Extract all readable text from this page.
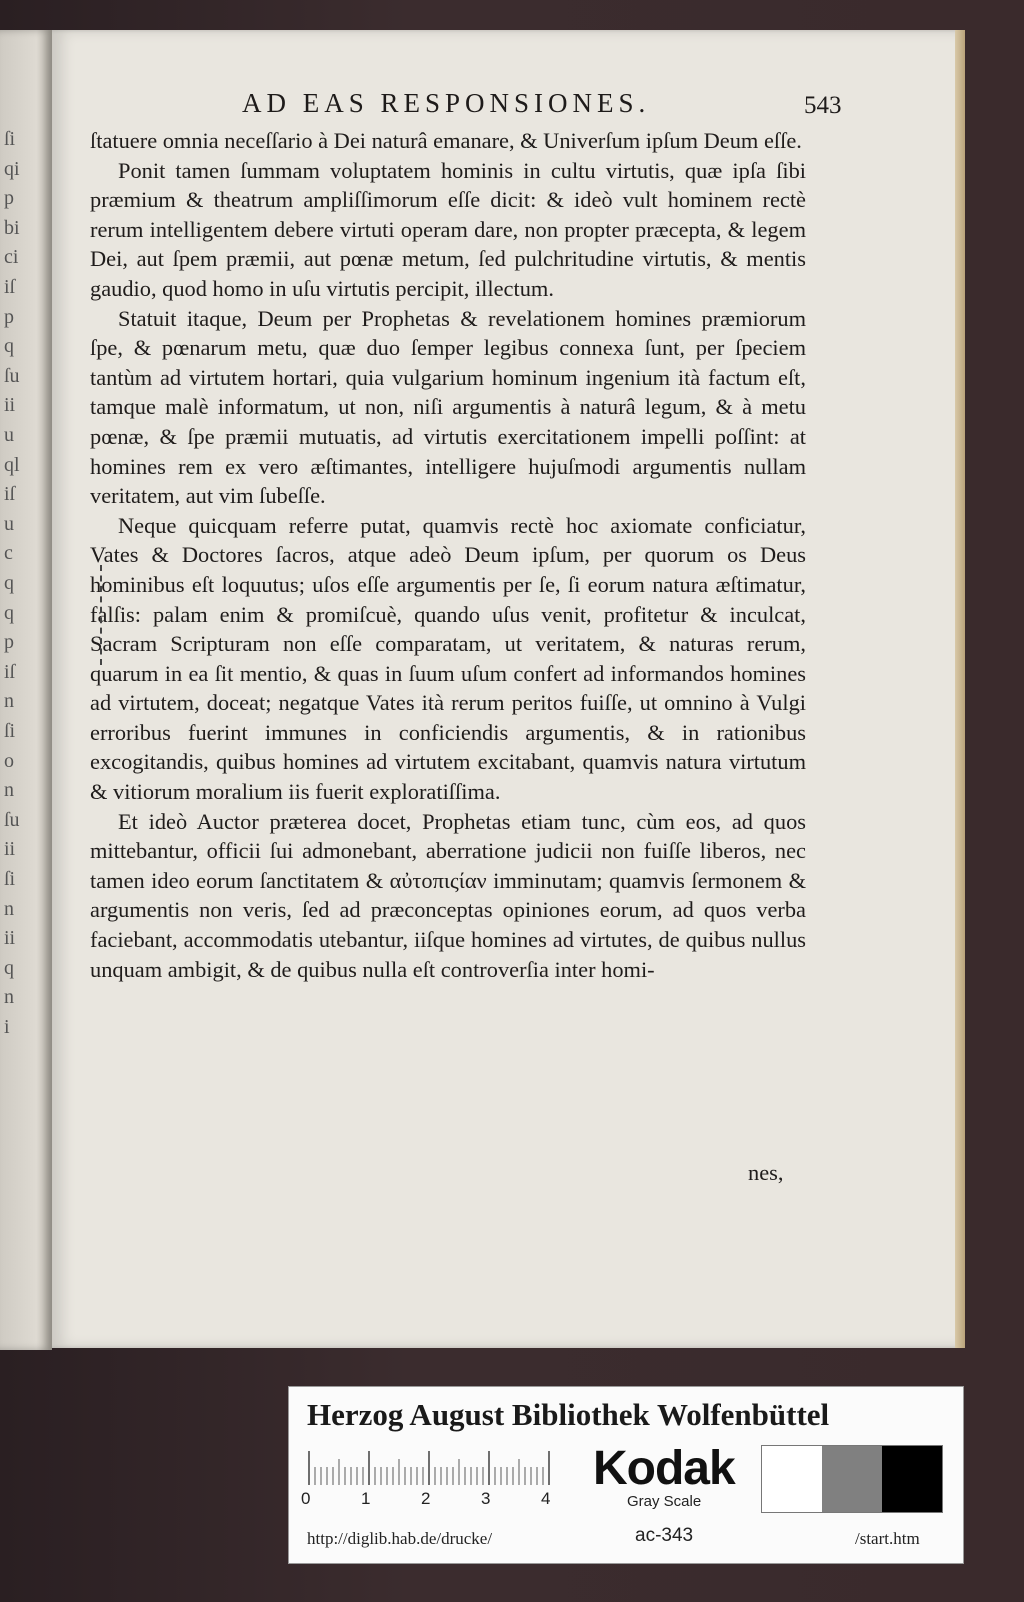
ſi
qi
p
bi
ci
iſ
p
q
ſu
ii
u
ql
iſ
u
c
q
q
p
iſ
n
ſi
o
n
ſu
ii
ſi
n
ii
q
n
i
AD EAS RESPONSIONES.	543

ſtatuere omnia neceſſario à Dei naturâ emanare, & Univerſum ipſum Deum eſſe.

Ponit tamen ſummam voluptatem hominis in cultu virtutis, quæ ipſa ſibi præmium & theatrum ampliſſimorum eſſe dicit: & ideò vult hominem rectè rerum intelligentem debere virtuti operam dare, non propter præcepta, & legem Dei, aut ſpem præmii, aut pœnæ metum, ſed pulchritudine virtutis, & mentis gaudio, quod homo in uſu virtutis percipit, illectum.

Statuit itaque, Deum per Prophetas & revelationem homines præmiorum ſpe, & pœnarum metu, quæ duo ſemper legibus connexa ſunt, per ſpeciem tantùm ad virtutem hortari, quia vulgarium hominum ingenium ità factum eſt, tamque malè informatum, ut non, niſi argumentis à naturâ legum, & à metu pœnæ, & ſpe præmii mutuatis, ad virtutis exercitationem impelli poſſint: at homines rem ex vero æſtimantes, intelligere hujuſmodi argumentis nullam veritatem, aut vim ſubeſſe.

Neque quicquam referre putat, quamvis rectè hoc axiomate conficiatur, Vates & Doctores ſacros, atque adeò Deum ipſum, per quorum os Deus hominibus eſt loquutus; uſos eſſe argumentis per ſe, ſi eorum natura æſtimatur, falſis: palam enim & promiſcuè, quando uſus venit, profitetur & inculcat, Sacram Scripturam non eſſe comparatam, ut veritatem, & naturas rerum, quarum in ea ſit mentio, & quas in ſuum uſum confert ad informandos homines ad virtutem, doceat; negatque Vates ità rerum peritos fuiſſe, ut omnino à Vulgi erroribus fuerint immunes in conficiendis argumentis, & in rationibus excogitandis, quibus homines ad virtutem excitabant, quamvis natura virtutum & vitiorum moralium iis fuerit exploratiſſima.

Et ideò Auctor præterea docet, Prophetas etiam tunc, cùm eos, ad quos mittebantur, officii ſui admonebant, aberratione judicii non fuiſſe liberos, nec tamen ideo eorum ſanctitatem & αὐτοπιςίαν imminutam; quamvis ſermonem & argumentis non veris, ſed ad præconceptas opiniones eorum, ad quos verba faciebant, accommodatis utebantur, iiſque homines ad virtutes, de quibus nullus unquam ambigit, & de quibus nulla eſt controverſia inter homi-

nes,
Herzog August Bibliothek Wolfenbüttel
0	1	2	3	4
Kodak
Gray Scale
http://diglib.hab.de/drucke/	ac-343	/start.htm
